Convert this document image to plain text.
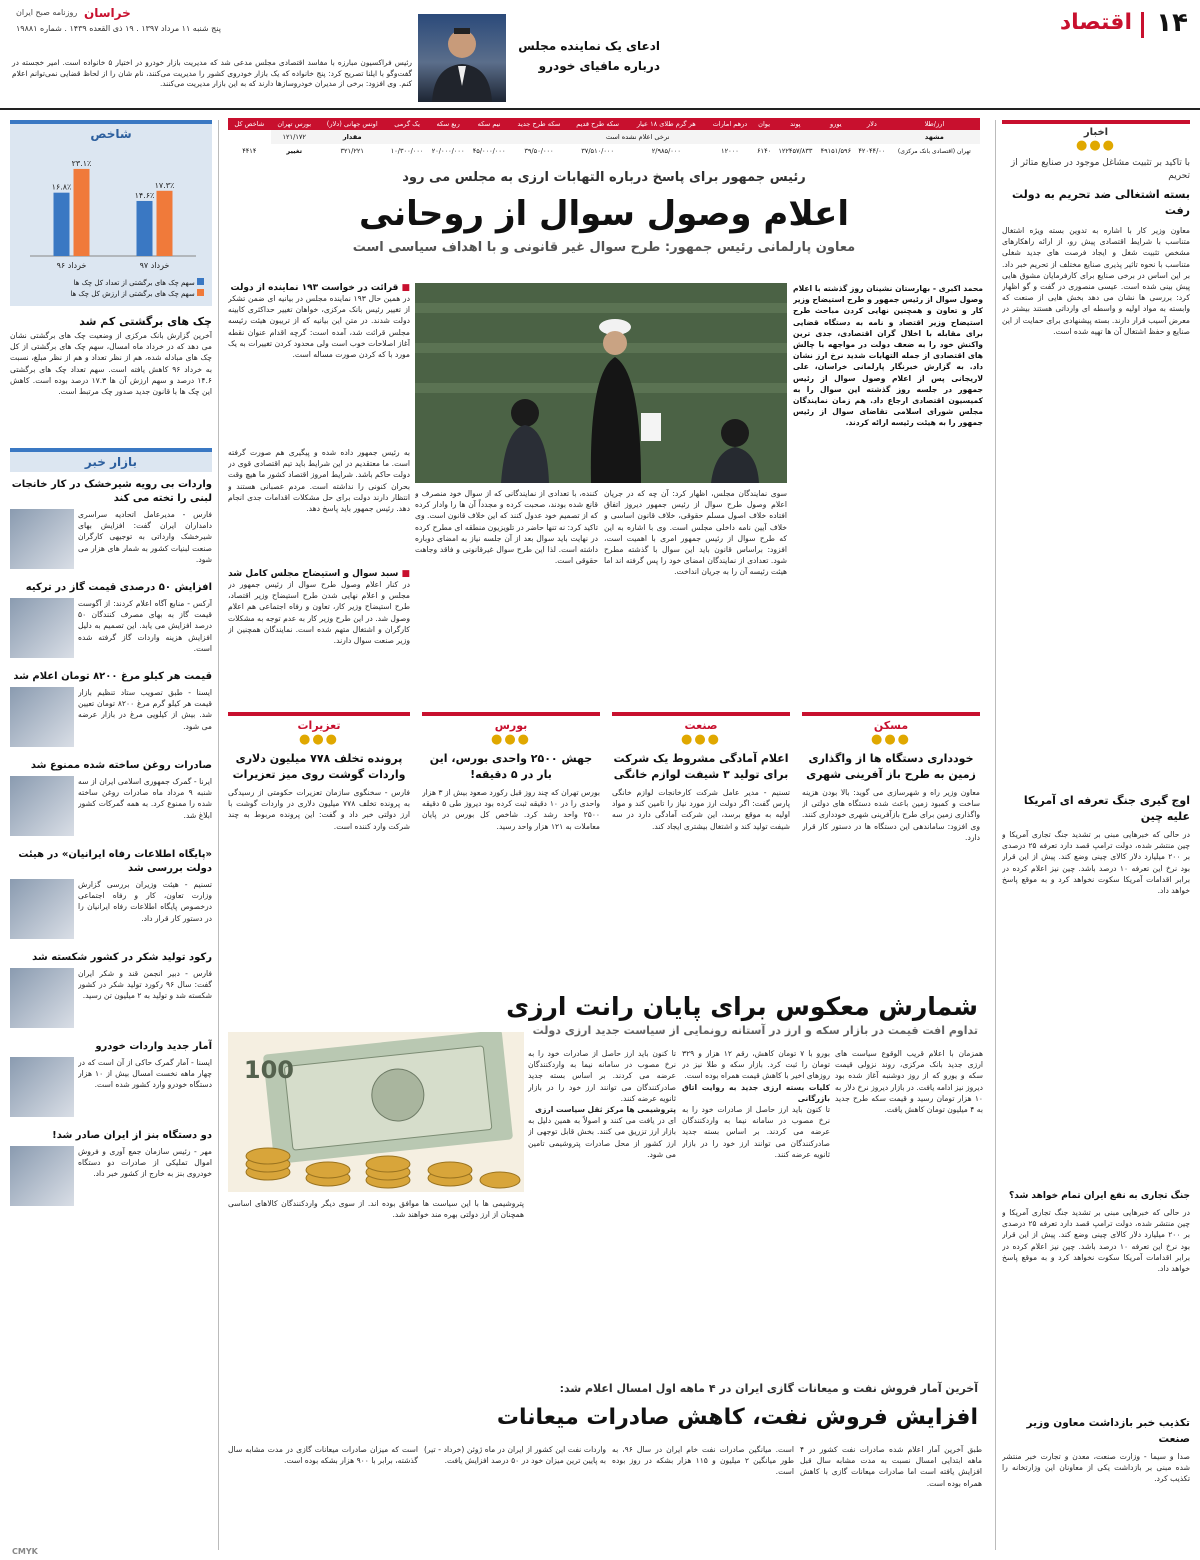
۱۴
اقتصاد
ادعای یک نماینده مجلس درباره مافیای خودرو
رئیس فراکسیون مبارزه با مفاسد اقتصادی مجلس مدعی شد که مدیریت بازار خودرو در اختیار ۵ خانواده است. امیر خجسته در گفت‌وگو با ایلنا تصریح کرد: پنج خانواده که یک بازار خودروی کشور را مدیریت می‌کنند، نام شان را از لحاظ قضایی نمی‌توانم اعلام کنم. وی افزود: برخی از مدیران خودروسازها دارند که به این بازار مدیریت می‌کنند.
خراسان
روزنامه صبح ایران
پنج شنبه ۱۱ مرداد ۱۳۹۷ . ۱۹ ذی القعده ۱۴۳۹ . شماره ۱۹۸۸۱
اخبار
●●●
با تاکید بر تثبیت مشاغل موجود در صنایع متاثر از تحریم
بسته اشتغالی ضد تحریم به دولت رفت

معاون وزیر کار با اشاره به تدوین بسته ویژه اشتغال متناسب با شرایط اقتصادی پیش رو، از ارائه راهکارهای مشخص تثبیت شغل و ایجاد فرصت های جدید شغلی متناسب با نحوه تاثیر پذیری صنایع مختلف از تحریم خبر داد. بر این اساس در برخی صنایع برای کارفرمایان مشوق هایی پیش بینی شده است. عیسی منصوری در گفت و گو اظهار کرد: بررسی ها نشان می دهد بخش هایی از صنعت که وابسته به مواد اولیه و واسطه ای وارداتی هستند بیشتر در معرض آسیب قرار دارند. بسته پیشنهادی برای حمایت از این صنایع و حفظ اشتغال آن ها تهیه شده است.

اوج گیری جنگ تعرفه ای آمریکا علیه چین

در حالی که خبرهایی مبنی بر تشدید جنگ تجاری آمریکا و چین منتشر شده، دولت ترامپ قصد دارد تعرفه ۲۵ درصدی بر ۲۰۰ میلیارد دلار کالای چینی وضع کند. پیش از این قرار بود نرخ این تعرفه ۱۰ درصد باشد. چین نیز اعلام کرده در برابر اقدامات آمریکا سکوت نخواهد کرد و به موقع پاسخ خواهد داد.

جنگ تجاری به نفع ایران تمام خواهد شد؟

در حالی که خبرهایی مبنی بر تشدید جنگ تجاری آمریکا و چین منتشر شده، دولت ترامپ قصد دارد تعرفه ۲۵ درصدی بر ۲۰۰ میلیارد دلار کالای چینی وضع کند. پیش از این قرار بود نرخ این تعرفه ۱۰ درصد باشد. چین نیز اعلام کرده در برابر اقدامات آمریکا سکوت نخواهد کرد و به موقع پاسخ خواهد داد.

تکذیب خبر بازداشت معاون وزیر صنعت

صدا و سیما - وزارت صنعت، معدن و تجارت خبر منتشر شده مبنی بر بازداشت یکی از معاونان این وزارتخانه را تکذیب کرد.

ارز/طلا	دلار	یورو	پوند	یوان	درهم امارات	هر گرم طلای ۱۸ عیار	سکه طرح قدیم	سکه طرح جدید	نیم سکه	ربع سکه	یک گرمی	اونس جهانی (دلار)	بورس تهران	شاخص کل
مشهد	نرخی اعلام نشده است											مقدار	۱۲۱/۱۷۲	
تهران (اقتصادی بانک مرکزی)	۴۲۰۴۴/۰۰	۴۹۱۵۱/۵۹۶	۱۲۲۴۵۷/۸۳۳	۶۱۴۰	۱۲۰۰۰	۲/۹۸۵/۰۰۰	۳۷/۵۱۰/۰۰۰	۳۹/۵۰/۰۰۰	۴۵/۰۰۰/۰۰۰	۲۰/۰۰۰/۰۰۰	۱۰/۳۰۰/۰۰۰	۳۲۱/۲۲۱	تغییر	۴۴۱۴
رئیس جمهور برای پاسخ درباره التهابات ارزی به مجلس می رود
اعلام وصول سوال از روحانی
معاون پارلمانی رئیس جمهور: طرح سوال غیر قانونی و با اهداف سیاسی است

محمد اکبری - بهارستان نشینان روز گذشته با اعلام وصول سوال از رئیس جمهور و طرح استیضاح وزیر کار و تعاون و همچنین نهایی کردن مباحث طرح استیضاح وزیر اقتصاد و نامه به دستگاه قضایی برای مقابله با اخلال گران اقتصادی، جدی ترین واکنش خود را به ضعف دولت در مواجهه با چالش های اقتصادی از جمله التهابات شدید نرخ ارز نشان داد. به گزارش خبرنگار پارلمانی خراسان، علی لاریجانی پس از اعلام وصول سوال از رئیس جمهور در جلسه روز گذشته این سوال را به کمیسیون اقتصادی ارجاع داد. هم زمان نمایندگان مجلس شورای اسلامی تقاضای سوال از رئیس جمهور را به هیئت رئیسه ارائه کردند.

سوی نمایندگان مجلس، اظهار کرد: آن چه که در جریان اعلام وصول طرح سوال از رئیس جمهور دیروز اتفاق افتاده خلاف اصول مسلم حقوقی، خلاف قانون اساسی و خلاف آیین نامه داخلی مجلس است. وی با اشاره به این که طرح سوال از رئیس جمهور امری با اهمیت است، افزود: براساس قانون باید این سوال با گذشته مطرح شود. تعدادی از نمایندگان امضای خود را پس گرفته اند اما هیئت رئیسه آن را به جریان انداخت.

کننده، با تعدادی از نمایندگانی که از سوال خود منصرف و قانع شده بودند، صحبت کرده و مجدداً آن ها را وادار کرده که از تصمیم خود عدول کنند که این خلاف قانون است. وی تاکید کرد: نه تنها حاضر در تلویزیون منطقه ای مطرح کرده در نهایت باید سوال بعد از آن جلسه نیاز به امضای دوباره داشته است. لذا این طرح سوال غیرقانونی و فاقد وجاهت حقوقی است.

■ قرائت در خواست ۱۹۳ نماینده از دولت

در همین حال ۱۹۳ نماینده مجلس در بیانیه ای ضمن تشکر از تغییر رئیس بانک مرکزی، خواهان تغییر حداکثری کابینه دولت شدند. در متن این بیانیه که از تریبون هیئت رئیسه مجلس قرائت شد، آمده است: گرچه اقدام عنوان نقطه آغاز اصلاحات خوب است ولی محدود کردن تغییرات به یک مورد با که کردن صورت مساله است.

به رئیس جمهور داده شده و پیگیری هم صورت گرفته است. ما معتقدیم در این شرایط باید تیم اقتصادی قوی در دولت حاکم باشد. شرایط امروز اقتصاد کشور ما هیچ وقت بحران کنونی را نداشته است. مردم عصبانی هستند و انتظار دارند دولت برای حل مشکلات اقدامات جدی انجام دهد. رئیس جمهور باید پاسخ دهد.

■ سبد سوال و استیضاح مجلس کامل شد

در کنار اعلام وصول طرح سوال از رئیس جمهور در مجلس و اعلام نهایی شدن طرح استیضاح وزیر اقتصاد، طرح استیضاح وزیر کار، تعاون و رفاه اجتماعی هم اعلام وصول شد. در این طرح وزیر کار به عدم توجه به مشکلات کارگران و اشتغال متهم شده است. نمایندگان همچنین از وزیر صنعت سوال دارند.

مسکن
●●●
خودداری دستگاه ها از واگذاری زمین به طرح باز آفرینی شهری

معاون وزیر راه و شهرسازی می گوید: بالا بودن هزینه ساخت و کمبود زمین باعث شده دستگاه های دولتی از واگذاری زمین برای طرح بازآفرینی شهری خودداری کنند. وی افزود: ساماندهی این دستگاه ها در دستور کار قرار دارد.

صنعت
●●●
اعلام آمادگی مشروط یک شرکت برای تولید ۳ شیفت لوازم خانگی

تسنیم - مدیر عامل شرکت کارخانجات لوازم خانگی پارس گفت: اگر دولت ارز مورد نیاز را تامین کند و مواد اولیه به موقع برسد، این شرکت آمادگی دارد در سه شیفت تولید کند و اشتغال بیشتری ایجاد کند.

بورس
●●●
جهش ۲۵۰۰ واحدی بورس، این بار در ۵ دقیقه!

بورس تهران که چند روز قبل رکورد صعود بیش از ۳ هزار واحدی را در ۱۰ دقیقه ثبت کرده بود دیروز طی ۵ دقیقه ۲۵۰۰ واحد رشد کرد. شاخص کل بورس در پایان معاملات به ۱۲۱ هزار واحد رسید.

تعزیرات
●●●
پرونده تخلف ۷۷۸ میلیون دلاری واردات گوشت روی میز تعزیرات

فارس - سخنگوی سازمان تعزیرات حکومتی از رسیدگی به پرونده تخلف ۷۷۸ میلیون دلاری در واردات گوشت با ارز دولتی خبر داد و گفت: این پرونده مربوط به چند شرکت وارد کننده است.

شمارش معکوس برای پایان رانت ارزی
تداوم افت قیمت در بازار سکه و ارز در آستانه رونمایی از سیاست جدید ارزی دولت

همزمان با اعلام قریب الوقوع سیاست های ارزی جدید بانک مرکزی، روند نزولی قیمت سکه و یورو که از روز دوشنبه آغاز شده بود دیروز نیز ادامه یافت. در بازار دیروز نرخ دلار به ۱۰ هزار تومان رسید و قیمت سکه طرح جدید به ۴ میلیون تومان کاهش یافت.

بورو با ۷ تومان کاهش، رقم ۱۲ هزار و ۳۲۹ تومان را ثبت کرد. بازار سکه و طلا نیز در روزهای اخیر با کاهش قیمت همراه بوده است.
کلیات بسته ارزی جدید به روایت اتاق بازرگانی
تا کنون باید ارز حاصل از صادرات خود را به نرخ مصوب در سامانه نیما به واردکنندگان عرضه می کردند. بر اساس بسته جدید صادرکنندگان می توانند ارز خود را در بازار ثانویه عرضه کنند.

تا کنون باید ارز حاصل از صادرات خود را به نرخ مصوب در سامانه نیما به واردکنندگان عرضه می کردند. بر اساس بسته جدید صادرکنندگان می توانند ارز خود را در بازار ثانویه عرضه کنند.
پتروشیمی ها مرکز ثقل سیاست ارزی
ای در یافت می کنند و اصولاً به همین دلیل به بازار ارز تزریق می کنند. بخش قابل توجهی از ارز کشور از محل صادرات پتروشیمی تامین می شود.

100

پتروشیمی ها با این سیاست ها موافق بوده اند. از سوی دیگر واردکنندگان کالاهای اساسی همچنان از ارز دولتی بهره مند خواهند شد.

آخرین آمار فروش نفت و میعانات گازی ایران در ۴ ماهه اول امسال اعلام شد:
افزایش فروش نفت، کاهش صادرات میعانات

طبق آخرین آمار اعلام شده صادرات نفت کشور در ۴ ماهه ابتدایی امسال نسبت به مدت مشابه سال قبل افزایش یافته است اما صادرات میعانات گازی با کاهش همراه بوده است.

است. میانگین صادرات نفت خام ایران در سال ۹۶، به طور میانگین ۲ میلیون و ۱۱۵ هزار بشکه در روز بوده است.

واردات نفت این کشور از ایران در ماه ژوئن (خرداد - تیر) به پایین ترین میزان خود در ۵۰ درصد افزایش یافت.

است که میزان صادرات میعانات گازی در مدت مشابه سال گذشته، برابر با ۹۰۰ هزار بشکه بوده است.

شاخص
۱۶.۸٪
۲۳.۱٪
خرداد ۹۶
۱۴.۶٪
۱۷.۳٪
خرداد ۹۷
سهم چک های برگشتی از تعداد کل چک ها
سهم چک های برگشتی از ارزش کل چک ها
چک های برگشتی کم شد

آخرین گزارش بانک مرکزی از وضعیت چک های برگشتی نشان می دهد که در خرداد ماه امسال، سهم چک های برگشتی از کل چک های مبادله شده، هم از نظر تعداد و هم از نظر مبلغ، نسبت به خرداد ۹۶ کاهش یافته است. سهم تعداد چک های برگشتی ۱۴.۶ درصد و سهم ارزش آن ها ۱۷.۳ درصد بوده است. کاهش این چک ها با قانون جدید صدور چک مرتبط است.

بازار خبر
واردات بی رویه شیرخشک در کار خانجات لبنی را تخته می کند

فارس - مدیرعامل اتحادیه سراسری دامداران ایران گفت: افزایش بهای شیرخشک وارداتی به توجیهی کارگران صنعت لبنیات کشور به شمار های هزار می شود.

افزایش ۵۰ درصدی قیمت گاز در ترکیه

آرکس - منابع آگاه اعلام کردند: از آگوست قیمت گاز به بهای مصرف کنندگان ۵۰ درصد افزایش می یابد. این تصمیم به دلیل افزایش هزینه واردات گاز گرفته شده است.

قیمت هر کیلو مرغ ۸۲۰۰ تومان اعلام شد

ایسنا - طبق تصویب ستاد تنظیم بازار قیمت هر کیلو گرم مرغ ۸۲۰۰ تومان تعیین شد. بیش از کیلویی مرغ در بازار عرضه می شود.

صادرات روغن ساخته شده ممنوع شد

ایرنا - گمرک جمهوری اسلامی ایران از سه شنبه ۹ مرداد ماه صادرات روغن ساخته شده را ممنوع کرد. به همه گمرکات کشور ابلاغ شد.

«پایگاه اطلاعات رفاه ایرانیان» در هیئت دولت بررسی شد

تسنیم - هیئت وزیران بررسی گزارش وزارت تعاون، کار و رفاه اجتماعی درخصوص پایگاه اطلاعات رفاه ایرانیان را در دستور کار قرار داد.

رکود تولید شکر در کشور شکسته شد

فارس - دبیر انجمن قند و شکر ایران گفت: سال ۹۶ رکورد تولید شکر در کشور شکسته شد و تولید به ۲ میلیون تن رسید.

آمار جدید واردات خودرو

ایسنا - آمار گمرک حاکی از آن است که در چهار ماهه نخست امسال بیش از ۱۰ هزار دستگاه خودرو وارد کشور شده است.

دو دستگاه بنز از ایران صادر شد!

مهر - رئیس سازمان جمع آوری و فروش اموال تملیکی از صادرات دو دستگاه خودروی بنز به خارج از کشور خبر داد.

CMYK
